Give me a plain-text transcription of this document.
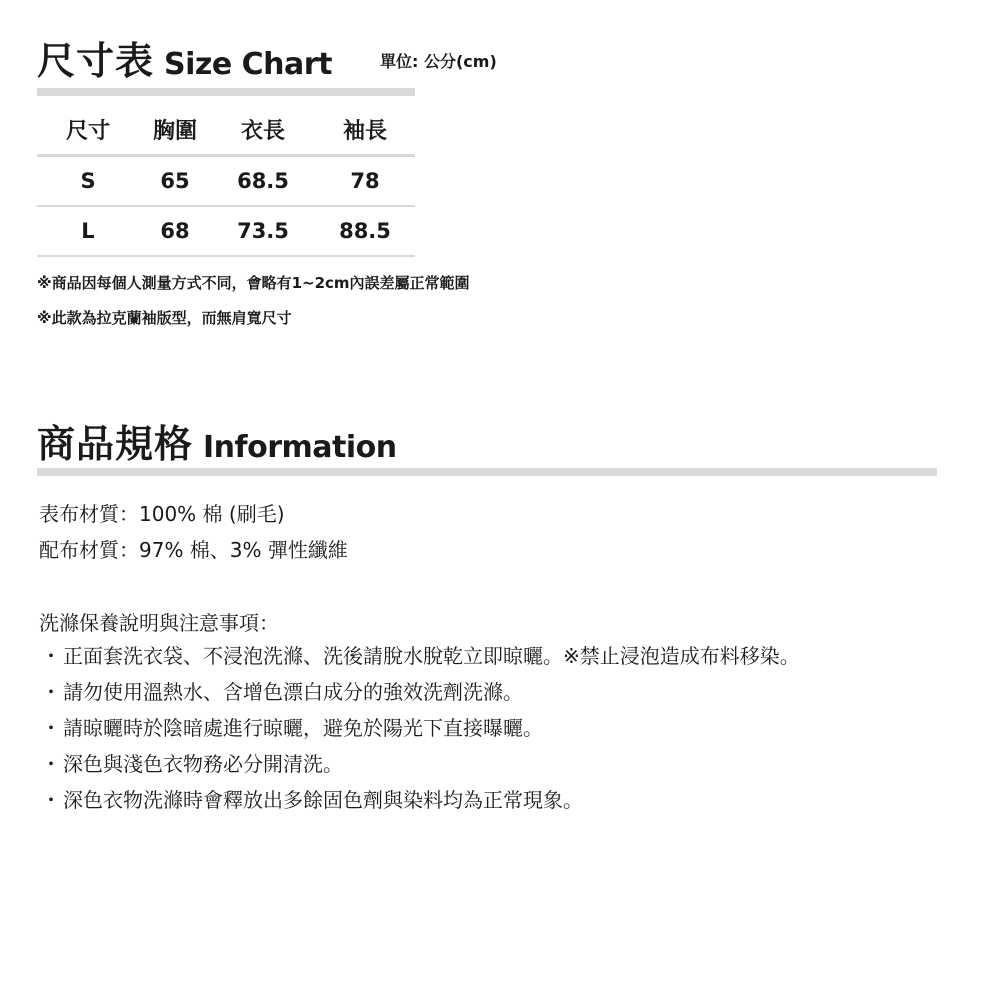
尺寸表 Size Chart	單位: 公分(cm)
尺寸	胸圍	衣長	袖長
S	65	68.5	78
L	68	73.5	88.5
※商品因每個人測量方式不同，會略有1~2cm內誤差屬正常範圍
※此款為拉克蘭袖版型，而無肩寬尺寸
商品規格 Information
表布材質：100% 棉 (刷毛)
配布材質：97% 棉、3% 彈性纖維
洗滌保養說明與注意事項：
・ 正面套洗衣袋、不浸泡洗滌、洗後請脫水脫乾立即晾曬。※禁止浸泡造成布料移染。
・ 請勿使用溫熱水、含增色漂白成分的強效洗劑洗滌。
・ 請晾曬時於陰暗處進行晾曬，避免於陽光下直接曝曬。
・ 深色與淺色衣物務必分開清洗。
・ 深色衣物洗滌時會釋放出多餘固色劑與染料均為正常現象。
